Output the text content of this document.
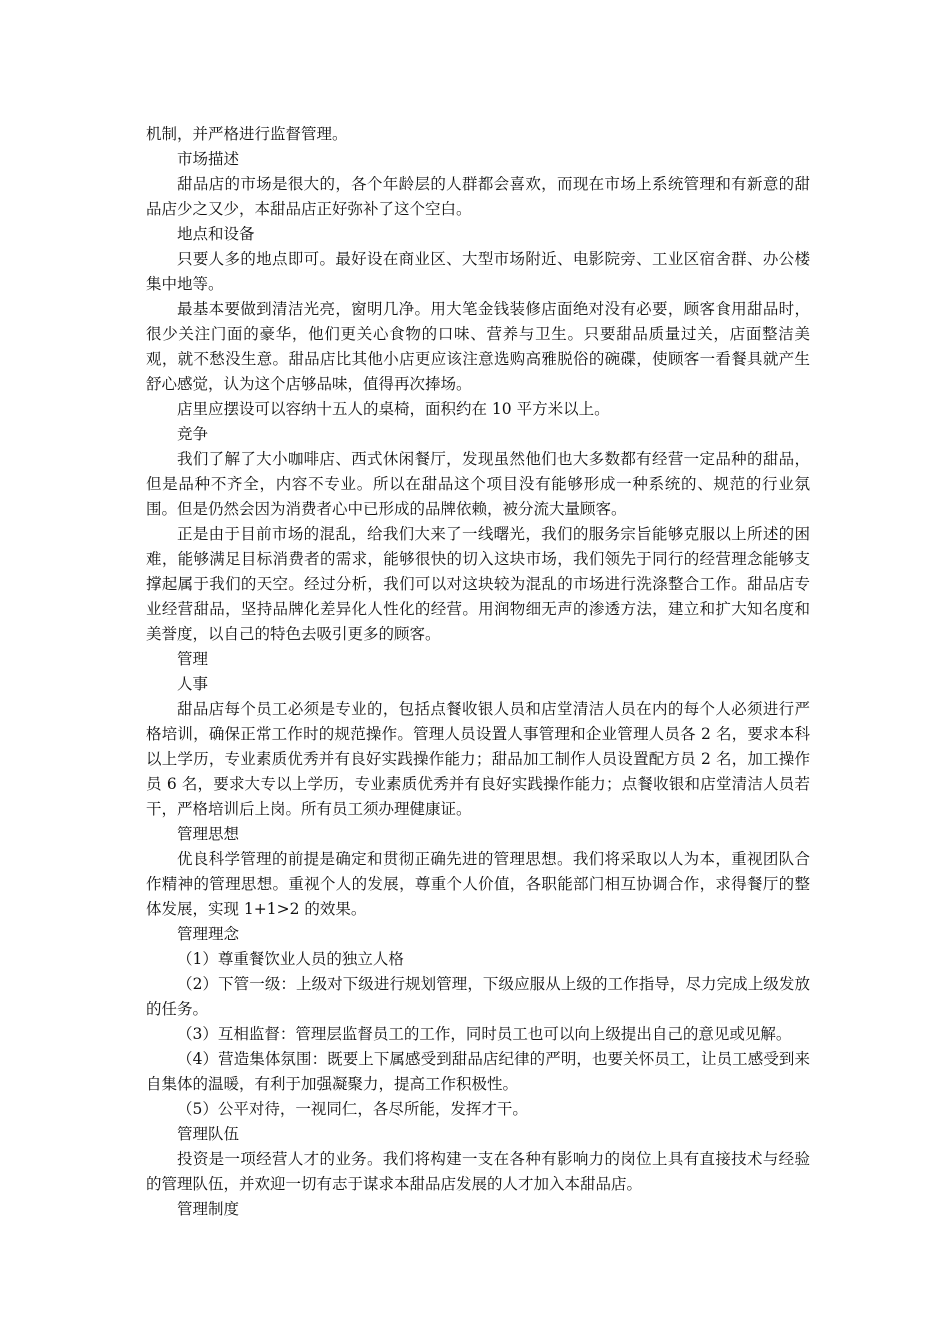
机制，并严格进行监督管理。

市场描述

甜品店的市场是很大的，各个年龄层的人群都会喜欢，而现在市场上系统管理和有新意的甜品店少之又少，本甜品店正好弥补了这个空白。

地点和设备

只要人多的地点即可。最好设在商业区、大型市场附近、电影院旁、工业区宿舍群、办公楼集中地等。

最基本要做到清洁光亮，窗明几净。用大笔金钱装修店面绝对没有必要，顾客食用甜品时，很少关注门面的豪华，他们更关心食物的口味、营养与卫生。只要甜品质量过关，店面整洁美观，就不愁没生意。甜品店比其他小店更应该注意选购高雅脱俗的碗碟，使顾客一看餐具就产生舒心感觉，认为这个店够品味，值得再次捧场。

店里应摆设可以容纳十五人的桌椅，面积约在 10 平方米以上。

竞争

我们了解了大小咖啡店、西式休闲餐厅，发现虽然他们也大多数都有经营一定品种的甜品，但是品种不齐全，内容不专业。所以在甜品这个项目没有能够形成一种系统的、规范的行业氛围。但是仍然会因为消费者心中已形成的品牌依赖，被分流大量顾客。

正是由于目前市场的混乱，给我们大来了一线曙光，我们的服务宗旨能够克服以上所述的困难，能够满足目标消费者的需求，能够很快的切入这块市场，我们领先于同行的经营理念能够支撑起属于我们的天空。经过分析，我们可以对这块较为混乱的市场进行洗涤整合工作。甜品店专业经营甜品，坚持品牌化差异化人性化的经营。用润物细无声的渗透方法，建立和扩大知名度和美誉度，以自己的特色去吸引更多的顾客。

管理

人事

甜品店每个员工必须是专业的，包括点餐收银人员和店堂清洁人员在内的每个人必须进行严格培训，确保正常工作时的规范操作。管理人员设置人事管理和企业管理人员各 2 名，要求本科以上学历，专业素质优秀并有良好实践操作能力；甜品加工制作人员设置配方员 2 名，加工操作员 6 名，要求大专以上学历，专业素质优秀并有良好实践操作能力；点餐收银和店堂清洁人员若干，严格培训后上岗。所有员工须办理健康证。

管理思想

优良科学管理的前提是确定和贯彻正确先进的管理思想。我们将采取以人为本，重视团队合作精神的管理思想。重视个人的发展，尊重个人价值，各职能部门相互协调合作，求得餐厅的整体发展，实现 1+1>2 的效果。

管理理念

（1）尊重餐饮业人员的独立人格

（2）下管一级：上级对下级进行规划管理，下级应服从上级的工作指导，尽力完成上级发放的任务。

（3）互相监督：管理层监督员工的工作，同时员工也可以向上级提出自己的意见或见解。

（4）营造集体氛围：既要上下属感受到甜品店纪律的严明，也要关怀员工，让员工感受到来自集体的温暖，有利于加强凝聚力，提高工作积极性。

（5）公平对待，一视同仁，各尽所能，发挥才干。

管理队伍

投资是一项经营人才的业务。我们将构建一支在各种有影响力的岗位上具有直接技术与经验的管理队伍，并欢迎一切有志于谋求本甜品店发展的人才加入本甜品店。

管理制度
